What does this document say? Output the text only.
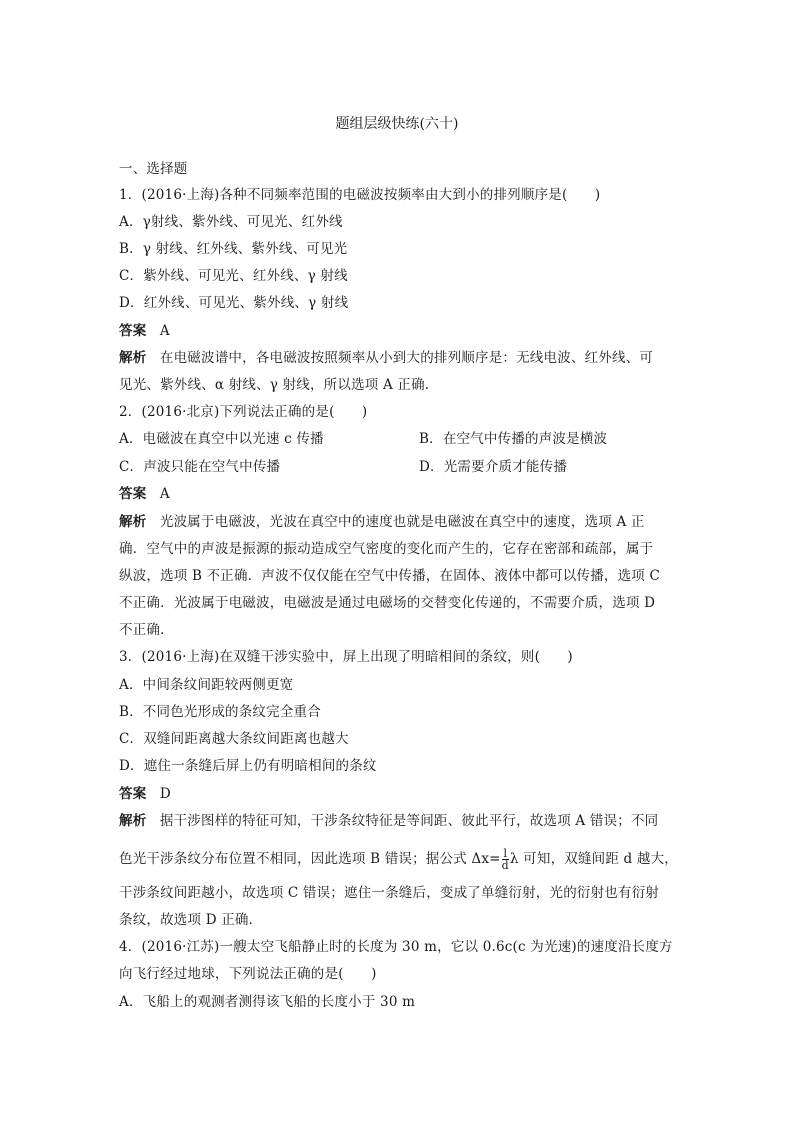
题组层级快练(六十)
一、选择题
1．(2016·上海)各种不同频率范围的电磁波按频率由大到小的排列顺序是(　　)
A．γ射线、紫外线、可见光、红外线
B．γ 射线、红外线、紫外线、可见光
C．紫外线、可见光、红外线、γ 射线
D．红外线、可见光、紫外线、γ 射线
答案 A
解析 在电磁波谱中，各电磁波按照频率从小到大的排列顺序是：无线电波、红外线、可
见光、紫外线、α 射线、γ 射线，所以选项 A 正确．
2．(2016·北京)下列说法正确的是(　　)
A．电磁波在真空中以光速 c 传播	B．在空气中传播的声波是横波
C．声波只能在空气中传播	D．光需要介质才能传播
答案 A
解析 光波属于电磁波，光波在真空中的速度也就是电磁波在真空中的速度，选项 A 正
确．空气中的声波是振源的振动造成空气密度的变化而产生的，它存在密部和疏部，属于
纵波，选项 B 不正确．声波不仅仅能在空气中传播，在固体、液体中都可以传播，选项 C
不正确．光波属于电磁波，电磁波是通过电磁场的交替变化传递的，不需要介质，选项 D
不正确．
3．(2016·上海)在双缝干涉实验中，屏上出现了明暗相间的条纹，则(　　)
A．中间条纹间距较两侧更宽
B．不同色光形成的条纹完全重合
C．双缝间距离越大条纹间距离也越大
D．遮住一条缝后屏上仍有明暗相间的条纹
答案 D
解析 据干涉图样的特征可知，干涉条纹特征是等间距、彼此平行，故选项 A 错误；不同
色光干涉条纹分布位置不相同，因此选项 B 错误；据公式 $\Delta x= \frac{l}{d}$ λ 可知，双缝间距 d 越大，
干涉条纹间距越小，故选项 C 错误；遮住一条缝后，变成了单缝衍射，光的衍射也有衍射
条纹，故选项 D 正确．
4．(2016·江苏)一艘太空飞船静止时的长度为 30 m，它以 0.6c(c 为光速)的速度沿长度方
向飞行经过地球，下列说法正确的是(　　)
A．飞船上的观测者测得该飞船的长度小于 30 m
